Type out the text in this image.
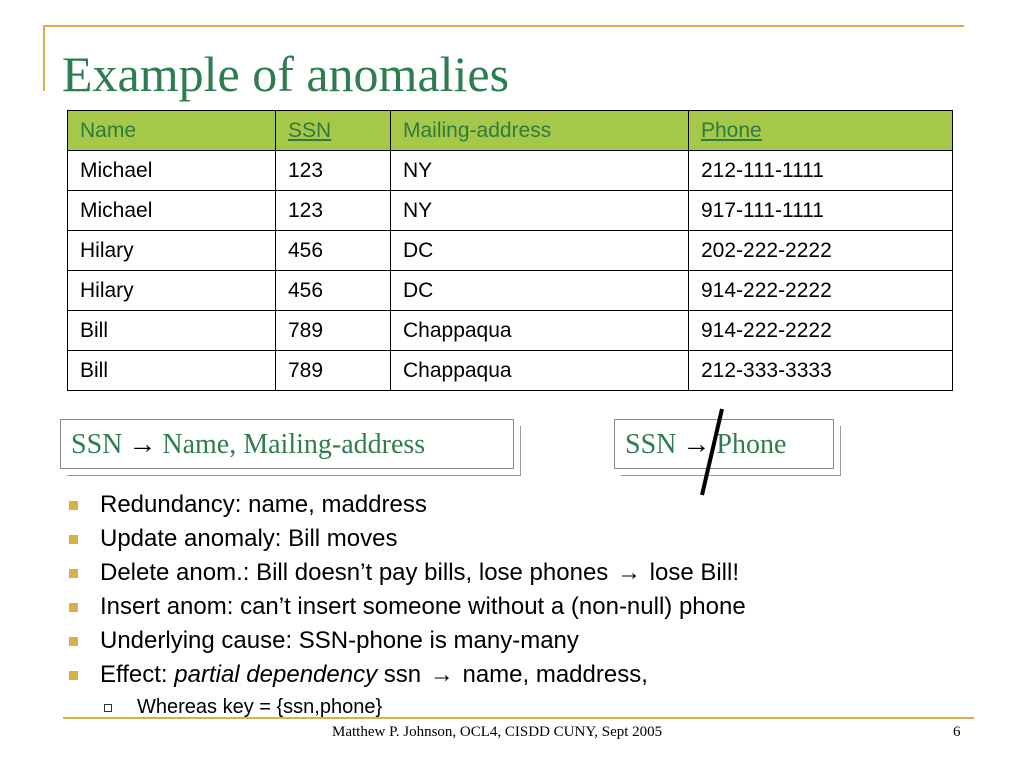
Example of anomalies
Name	SSN	Mailing-address	Phone
Michael	123	NY	212-111-1111
Michael	123	NY	917-111-1111
Hilary	456	DC	202-222-2222
Hilary	456	DC	914-222-2222
Bill	789	Chappaqua	914-222-2222
Bill	789	Chappaqua	212-333-3333
SSN → Name, Mailing-address	SSN → Phone
Redundancy: name, maddress
Update anomaly: Bill moves
Delete anom.: Bill doesn’t pay bills, lose phones → lose Bill!
Insert anom: can’t insert someone without a (non-null) phone
Underlying cause: SSN-phone is many-many
Effect: partial dependency ssn → name, maddress,
Whereas key = {ssn,phone}

Matthew P. Johnson, OCL4, CISDD CUNY, Sept 2005	6
